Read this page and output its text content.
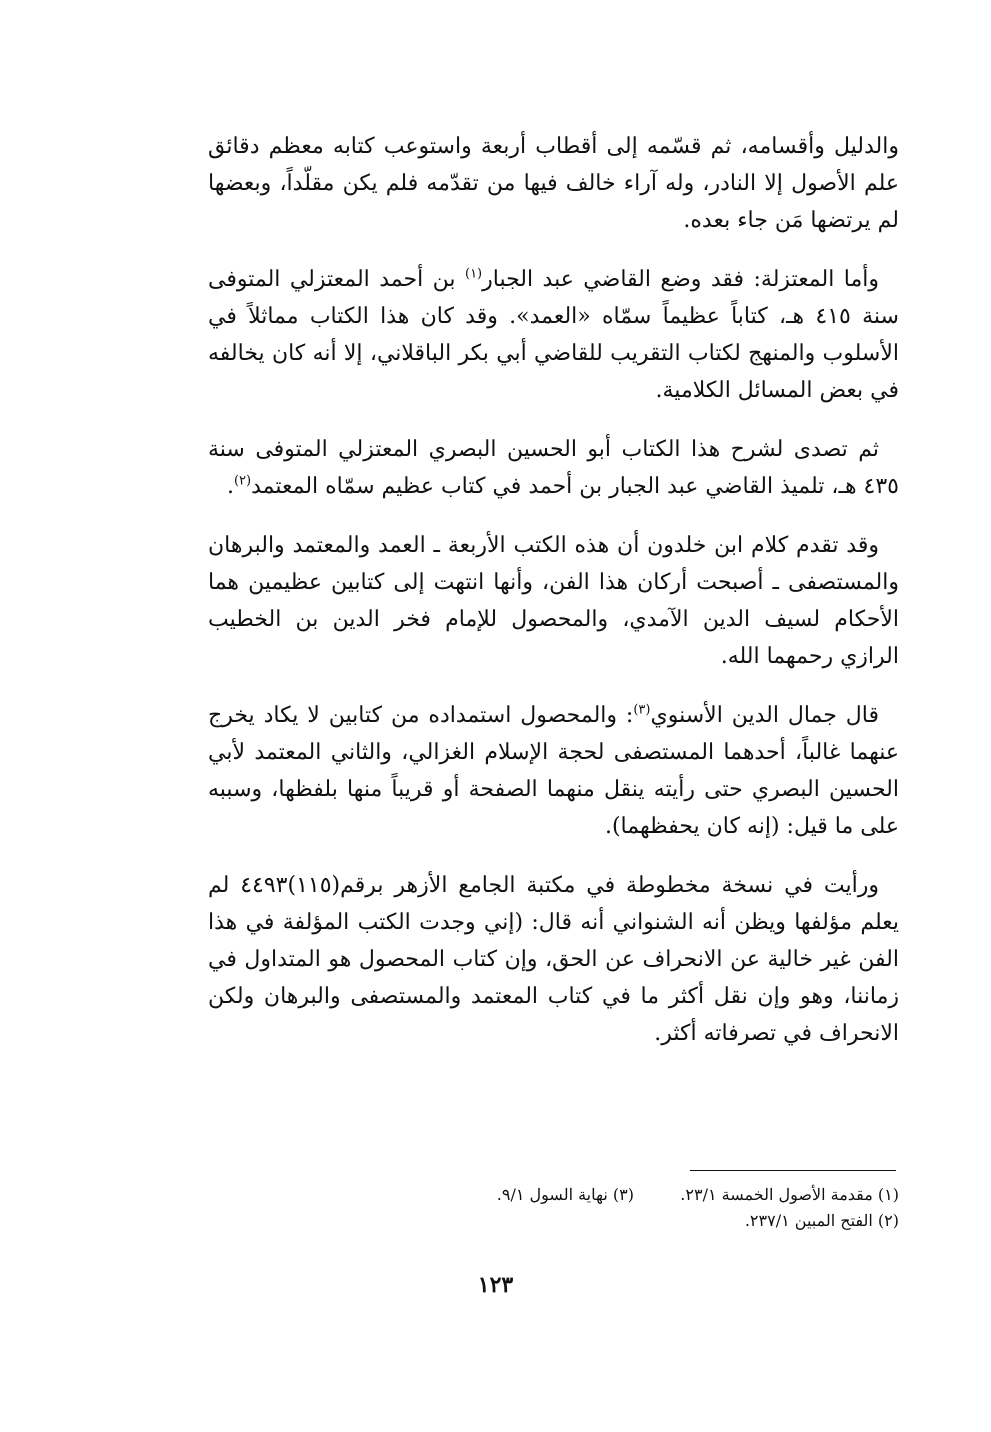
والدليل وأقسامه، ثم قسّمه إلى أقطاب أربعة واستوعب كتابه معظم دقائق علم الأصول إلا النادر، وله آراء خالف فيها من تقدّمه فلم يكن مقلّداً، وبعضها لم يرتضها مَن جاء بعده.

وأما المعتزلة: فقد وضع القاضي عبد الجبار$^{(١)}$ بن أحمد المعتزلي المتوفى سنة ٤١٥ هـ، كتاباً عظيماً سمّاه «العمد». وقد كان هذا الكتاب مماثلاً في الأسلوب والمنهج لكتاب التقريب للقاضي أبي بكر الباقلاني، إلا أنه كان يخالفه في بعض المسائل الكلامية.

ثم تصدى لشرح هذا الكتاب أبو الحسين البصري المعتزلي المتوفى سنة ٤٣٥ هـ، تلميذ القاضي عبد الجبار بن أحمد في كتاب عظيم سمّاه المعتمد$^{(٢)}$.

وقد تقدم كلام ابن خلدون أن هذه الكتب الأربعة ـ العمد والمعتمد والبرهان والمستصفى ـ أصبحت أركان هذا الفن، وأنها انتهت إلى كتابين عظيمين هما الأحكام لسيف الدين الآمدي، والمحصول للإمام فخر الدين بن الخطيب الرازي رحمهما الله.

قال جمال الدين الأسنوي$^{(٣)}$: والمحصول استمداده من كتابين لا يكاد يخرج عنهما غالباً، أحدهما المستصفى لحجة الإسلام الغزالي، والثاني المعتمد لأبي الحسين البصري حتى رأيته ينقل منهما الصفحة أو قريباً منها بلفظها، وسببه على ما قيل: (إنه كان يحفظهما).

ورأيت في نسخة مخطوطة في مكتبة الجامع الأزهر برقم(١١٥)٤٤٩٣ لم يعلم مؤلفها ويظن أنه الشنواني أنه قال: (إني وجدت الكتب المؤلفة في هذا الفن غير خالية عن الانحراف عن الحق، وإن كتاب المحصول هو المتداول في زماننا، وهو وإن نقل أكثر ما في كتاب المعتمد والمستصفى والبرهان ولكن الانحراف في تصرفاته أكثر.

(١) مقدمة الأصول الخمسة ٢٣/١.
(٣) نهاية السول ٩/١.
(٢) الفتح المبين ٢٣٧/١.
١٢٣
